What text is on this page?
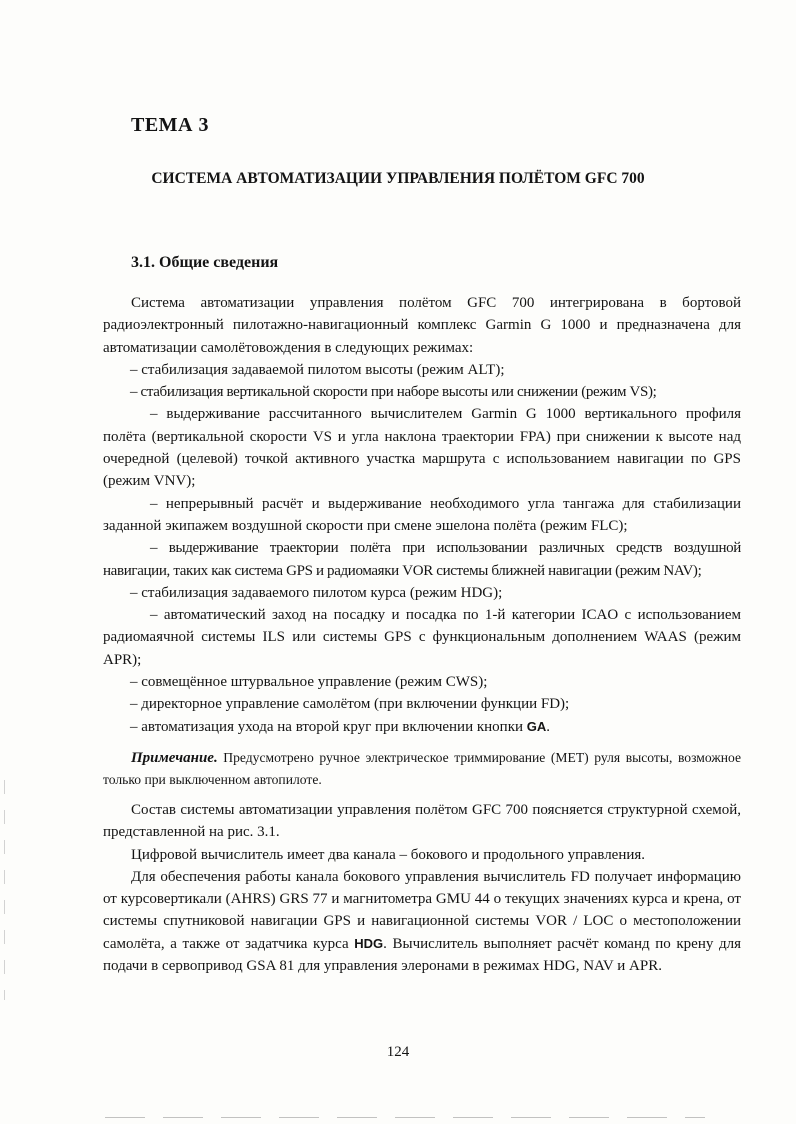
ТЕМА 3
СИСТЕМА АВТОМАТИЗАЦИИ УПРАВЛЕНИЯ ПОЛЁТОМ GFC 700
3.1. Общие сведения

Система автоматизации управления полётом GFC 700 интегрирована в бортовой радиоэлектронный пилотажно-навигационный комплекс Garmin G 1000 и предназначена для автоматизации самолётовождения в следующих режимах:

– стабилизация задаваемой пилотом высоты (режим ALT);

– стабилизация вертикальной скорости при наборе высоты или снижении (режим VS);

– выдерживание рассчитанного вычислителем Garmin G 1000 вертикального профиля полёта (вертикальной скорости VS и угла наклона траектории FPA) при снижении к высоте над очередной (целевой) точкой активного участка маршрута с использованием навигации по GPS (режим VNV);

– непрерывный расчёт и выдерживание необходимого угла тангажа для стабилизации заданной экипажем воздушной скорости при смене эшелона полёта (режим FLC);

– выдерживание траектории полёта при использовании различных средств воздушной навигации, таких как система GPS и радиомаяки VOR системы ближней навигации (режим NAV);

– стабилизация задаваемого пилотом курса (режим HDG);

– автоматический заход на посадку и посадка по 1-й категории ICAO с использованием радиомаячной системы ILS или системы GPS с функциональным дополнением WAAS (режим APR);

– совмещённое штурвальное управление (режим CWS);

– директорное управление самолётом (при включении функции FD);

– автоматизация ухода на второй круг при включении кнопки GA.

Примечание. Предусмотрено ручное электрическое триммирование (MET) руля высоты, возможное только при выключенном автопилоте.

Состав системы автоматизации управления полётом GFC 700 поясняется структурной схемой, представленной на рис. 3.1.

Цифровой вычислитель имеет два канала – бокового и продольного управления.

Для обеспечения работы канала бокового управления вычислитель FD получает информацию от курсовертикали (AHRS) GRS 77 и магнитометра GMU 44 о текущих значениях курса и крена, от системы спутниковой навигации GPS и навигационной системы VOR / LOC о местоположении самолёта, а также от задатчика курса HDG. Вычислитель выполняет расчёт команд по крену для подачи в сервопривод GSA 81 для управления элеронами в режимах HDG, NAV и APR.

124
